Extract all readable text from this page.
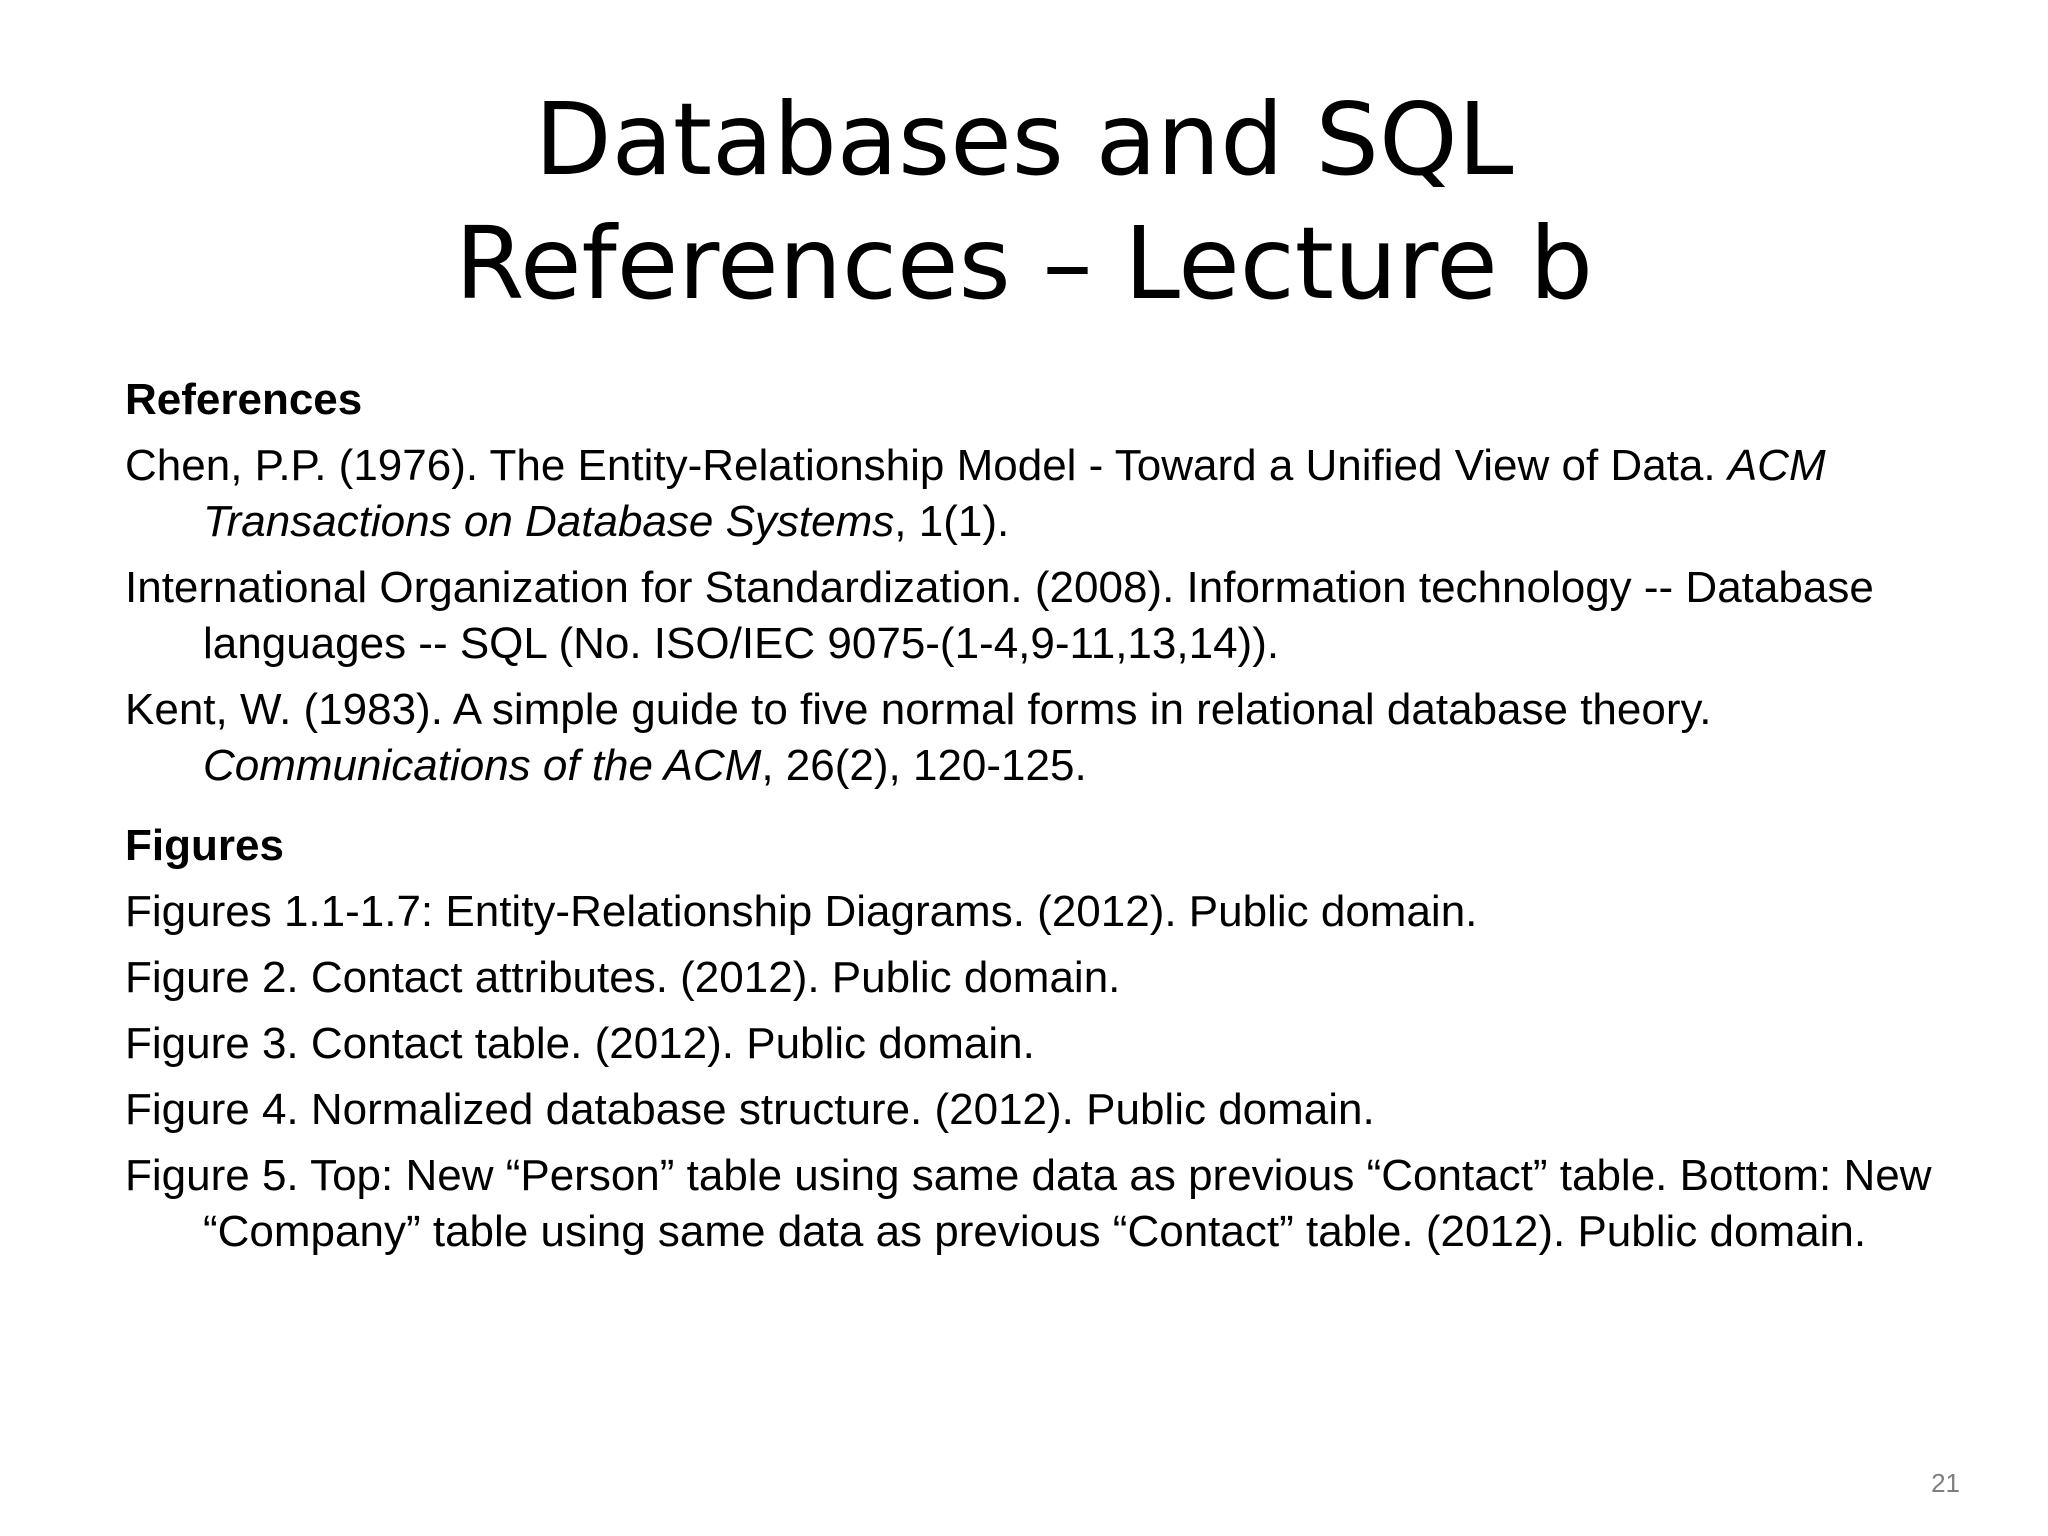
Databases and SQL
References – Lecture b
References
Chen, P.P. (1976). The Entity-Relationship Model - Toward a Unified View of Data. ACM Transactions on Database Systems, 1(1).
International Organization for Standardization. (2008). Information technology -- Database languages -- SQL (No. ISO/IEC 9075-(1-4,9-11,13,14)).
Kent, W. (1983). A simple guide to five normal forms in relational database theory. Communications of the ACM, 26(2), 120-125.
Figures
Figures 1.1-1.7: Entity-Relationship Diagrams. (2012). Public domain.
Figure 2. Contact attributes. (2012). Public domain.
Figure 3. Contact table. (2012). Public domain.
Figure 4. Normalized database structure. (2012). Public domain.
Figure 5. Top: New “Person” table using same data as previous “Contact” table. Bottom: New “Company” table using same data as previous “Contact” table. (2012). Public domain.
21
